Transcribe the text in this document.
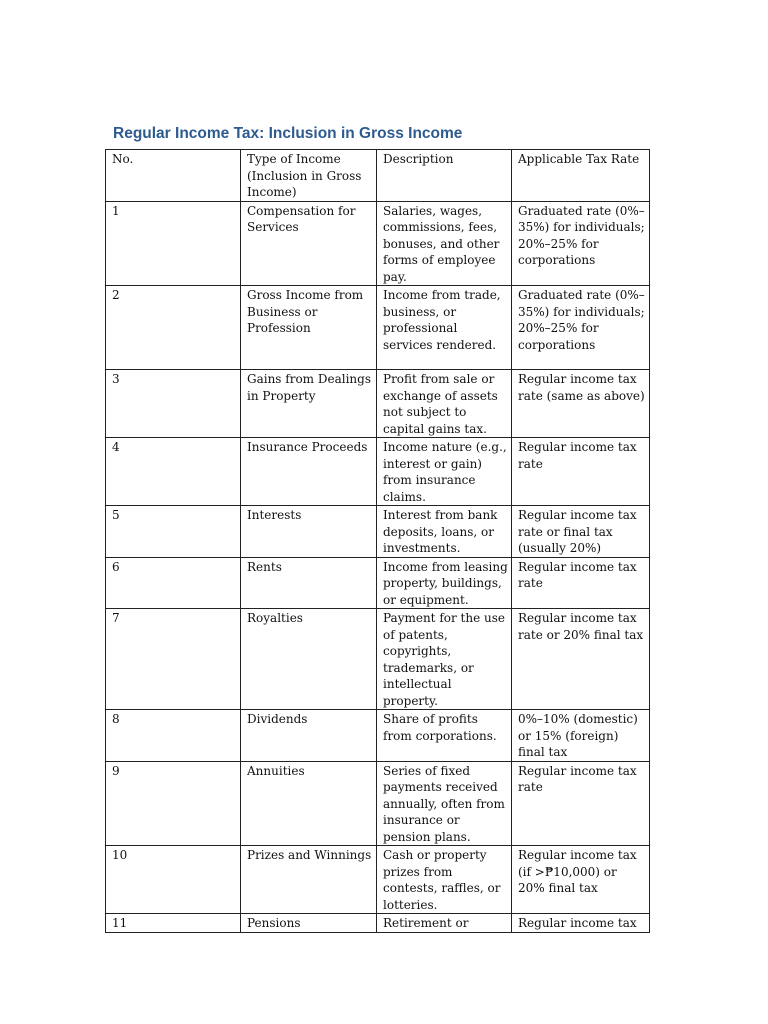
Regular Income Tax: Inclusion in Gross Income
No.	Type of Income (Inclusion in Gross Income)	Description	Applicable Tax Rate
1	Compensation for Services	Salaries, wages, commissions, fees, bonuses, and other forms of employee pay.	Graduated rate (0%–35%) for individuals; 20%–25% for corporations
2	Gross Income from Business or Profession	Income from trade, business, or professional services rendered.	Graduated rate (0%–35%) for individuals; 20%–25% for corporations
3	Gains from Dealings in Property	Profit from sale or exchange of assets not subject to capital gains tax.	Regular income tax rate (same as above)
4	Insurance Proceeds	Income nature (e.g., interest or gain) from insurance claims.	Regular income tax rate
5	Interests	Interest from bank deposits, loans, or investments.	Regular income tax rate or final tax (usually 20%)
6	Rents	Income from leasing property, buildings, or equipment.	Regular income tax rate
7	Royalties	Payment for the use of patents, copyrights, trademarks, or intellectual property.	Regular income tax rate or 20% final tax
8	Dividends	Share of profits from corporations.	0%–10% (domestic) or 15% (foreign) final tax
9	Annuities	Series of fixed payments received annually, often from insurance or pension plans.	Regular income tax rate
10	Prizes and Winnings	Cash or property prizes from contests, raffles, or lotteries.	Regular income tax (if >₱10,000) or 20% final tax
11	Pensions	Retirement or	Regular income tax
